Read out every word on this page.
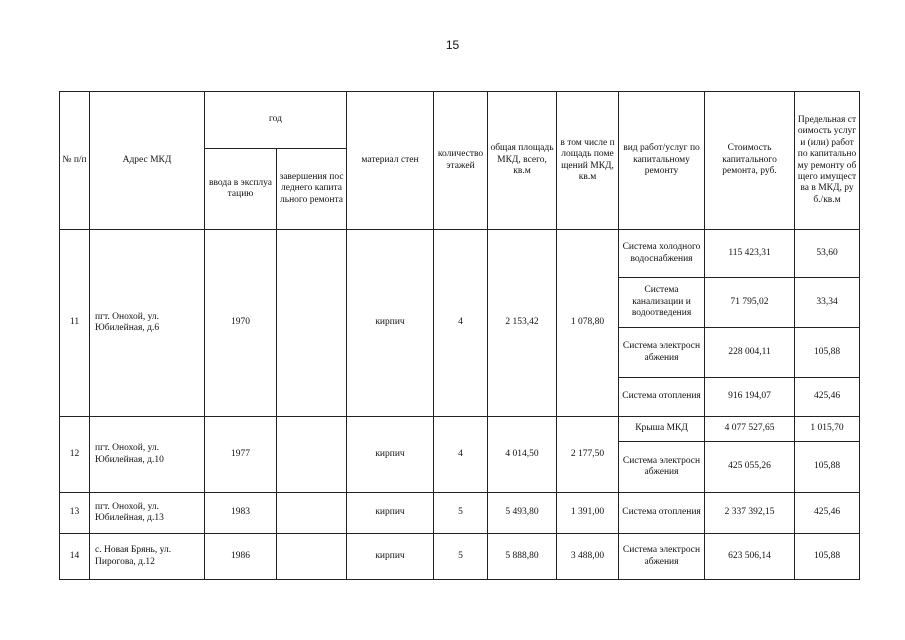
15
№ п/п	Адрес МКД	год		материал стен	количество этажей	общая площадь МКД, всего, кв.м	в том числе площадь помещений МКД, кв.м	вид работ/услуг по капитальному ремонту	Стоимость капитального ремонта, руб.	Предельная стоимость услуг и (или) работ по капитальному ремонту общего имущества в МКД, руб./кв.м
		ввода в эксплуатацию	завершения последнего капитального ремонта							
11	пгт. Онохой, ул. Юбилейная, д.6	1970		кирпич	4	2 153,42	1 078,80	Система холодного водоснабжения	115 423,31	53,60
								Система канализации и водоотведения	71 795,02	33,34
								Система электроснабжения	228 004,11	105,88
								Система отопления	916 194,07	425,46
12	пгт. Онохой, ул. Юбилейная, д.10	1977		кирпич	4	4 014,50	2 177,50	Крыша МКД	4 077 527,65	1 015,70
								Система электроснабжения	425 055,26	105,88
13	пгт. Онохой, ул. Юбилейная, д.13	1983		кирпич	5	5 493,80	1 391,00	Система отопления	2 337 392,15	425,46
14	с. Новая Брянь, ул. Пирогова, д.12	1986		кирпич	5	5 888,80	3 488,00	Система электроснабжения	623 506,14	105,88
